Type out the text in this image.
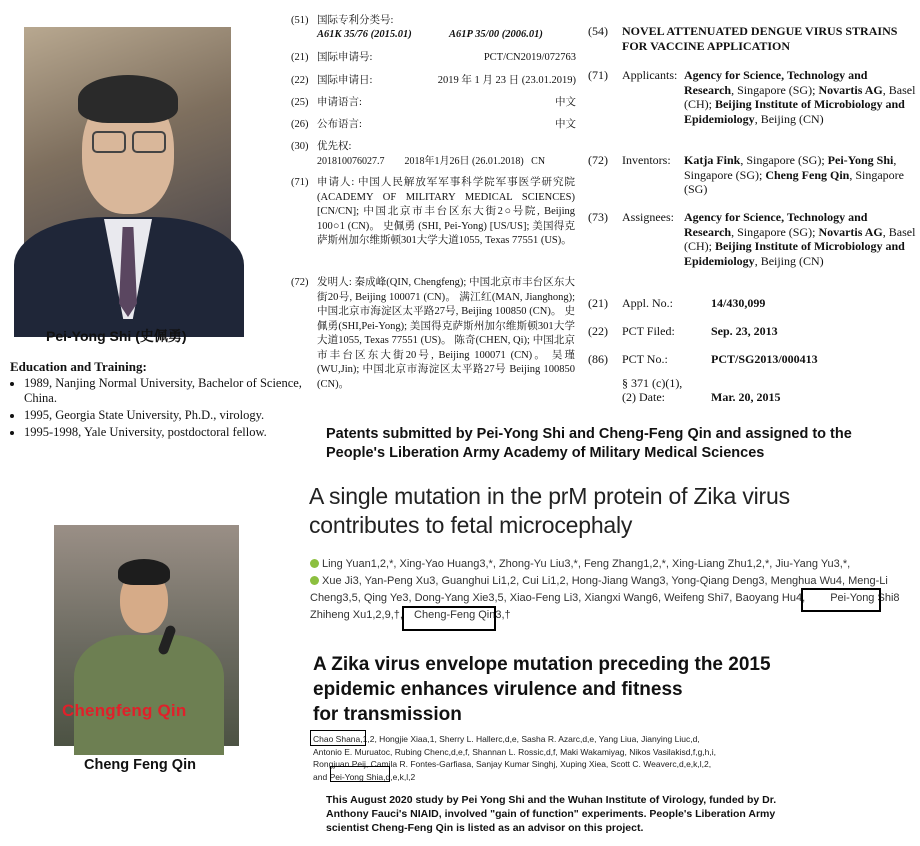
Pei-Yong Shi (史佩勇)
Education and Training:
• 1989, Nanjing Normal University, Bachelor of Science, China.
• 1995, Georgia State University, Ph.D., virology.
• 1995-1998, Yale University, postdoctoral fellow.
Chengfeng Qin
Cheng Feng Qin
(51) 国际专利分类号:
A61K 35/76 (2015.01)	A61P 35/00 (2006.01)
(21) 国际申请号:	PCT/CN2019/072763
(22) 国际申请日:	2019 年 1 月 23 日 (23.01.2019)
(25) 申请语言:	中文
(26) 公布语言:	中文
(30) 优先权:
201810076027.7        2018年1月26日 (26.01.2018)   CN
(71) 申请人: 中国人民解放军军事科学院军事医学研究院(ACADEMY OF MILITARY MEDICAL SCIENCES) [CN/CN]; 中国北京市丰台区东大街2○号院, Beijing 100○1 (CN)。 史佩勇 (SHI, Pei-Yong) [US/US]; 美国得克萨斯州加尔维斯顿301大学大道1055, Texas 77551 (US)。
(72) 发明人: 秦成峰(QIN, Chengfeng); 中国北京市丰台区东大街20号, Beijing 100071 (CN)。 满江红(MAN, Jianghong); 中国北京市海淀区太平路27号, Beijing 100850 (CN)。 史佩勇(SHI,Pei-Yong); 美国得克萨斯州加尔维斯顿301大学大道1055, Texas 77551 (US)。 陈奇(CHEN, Qi); 中国北京市丰台区东大街20号, Beijing 100071 (CN)。 吴瑾(WU,Jin); 中国北京市海淀区太平路27号 Beijing 100850 (CN)。
(54) NOVEL ATTENUATED DENGUE VIRUS STRAINS FOR VACCINE APPLICATION
(71) Applicants: Agency for Science, Technology and Research, Singapore (SG); Novartis AG, Basel (CH); Beijing Institute of Microbiology and Epidemiology, Beijing (CN)
(72) Inventors: Katja Fink, Singapore (SG); Pei-Yong Shi, Singapore (SG); Cheng Feng Qin, Singapore (SG)
(73) Assignees: Agency for Science, Technology and Research, Singapore (SG); Novartis AG, Basel (CH); Beijing Institute of Microbiology and Epidemiology, Beijing (CN)
(21) Appl. No.:	14/430,099
(22) PCT Filed:	Sep. 23, 2013
(86) PCT No.:	PCT/SG2013/000413
§ 371 (c)(1),
(2) Date:	Mar. 20, 2015
Patents submitted by Pei-Yong Shi and Cheng-Feng Qin and assigned to the People's Liberation Army Academy of Military Medical Sciences
A single mutation in the prM protein of Zika virus
contributes to fetal microcephaly
Ling Yuan1,2,*, Xing-Yao Huang3,*, Zhong-Yu Liu3,*, Feng Zhang1,2,*, Xing-Liang Zhu1,2,*, Jiu-Yang Yu3,*,
Xue Ji3, Yan-Peng Xu3, Guanghui Li1,2, Cui Li1,2, Hong-Jiang Wang3, Yong-Qiang Deng3, Menghua Wu4, Meng-Li
Cheng3,5, Qing Ye3, Dong-Yang Xie3,5, Xiao-Feng Li3, Xiangxi Wang6, Weifeng Shi7, Baoyang Hu4, Pei-Yong Shi8
Zhiheng Xu1,2,9,†, Cheng-Feng Qin3,†
A Zika virus envelope mutation preceding the 2015
epidemic enhances virulence and fitness
for transmission
Chao Shana,1,2, Hongjie Xiaa,1, Sherry L. Hallerc,d,e, Sasha R. Azarc,d,e, Yang Liua, Jianying Liuc,d,
Antonio E. Muruatoc, Rubing Chenc,d,e,f, Shannan L. Rossic,d,f, Maki Wakamiyag, Nikos Vasilakisd,f,g,h,i,
Rongjuan Peij, Camila R. Fontes-Garfiasa, Sanjay Kumar Singhj, Xuping Xiea, Scott C. Weaverc,d,e,k,l,2,
and Pei-Yong Shia,d,e,k,l,2
This August 2020 study by Pei Yong Shi and the Wuhan Institute of Virology, funded by Dr. Anthony Fauci's NIAID, involved "gain of function" experiments. People's Liberation Army scientist Cheng-Feng Qin is listed as an advisor on this project.
